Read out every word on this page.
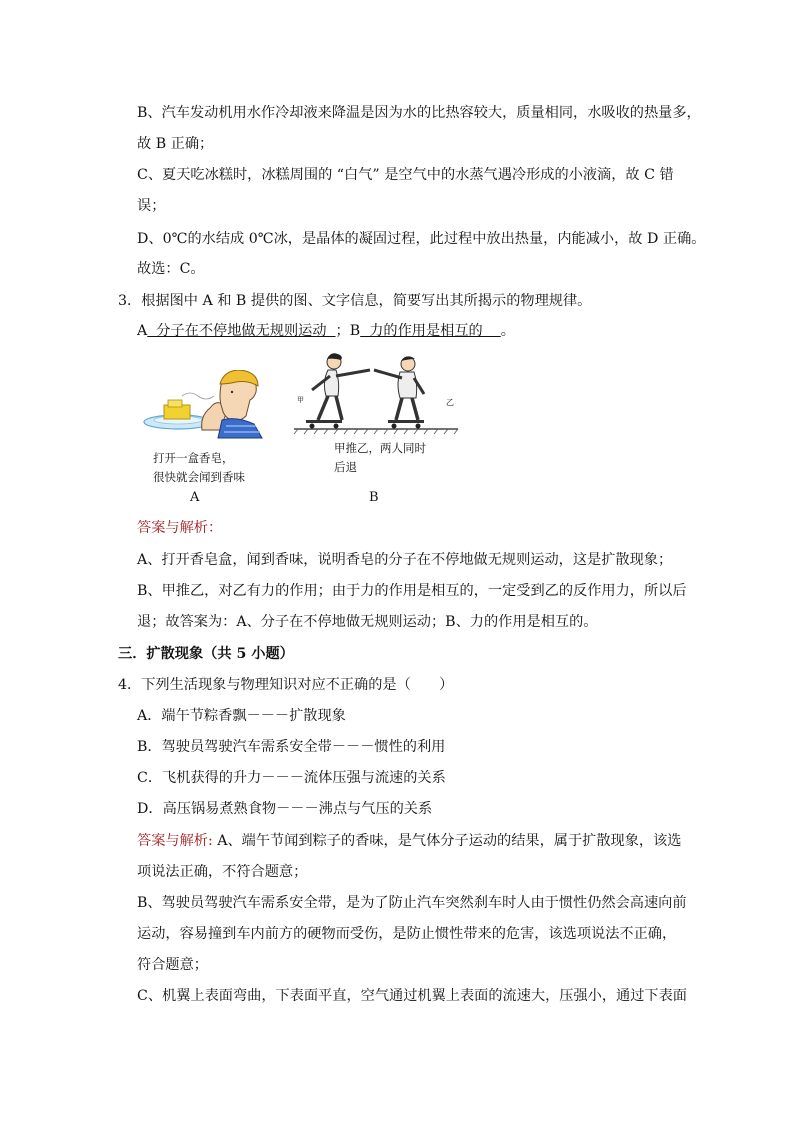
B、汽车发动机用水作冷却液来降温是因为水的比热容较大，质量相同，水吸收的热量多，
故 B 正确；
C、夏天吃冰糕时，冰糕周围的 “白气” 是空气中的水蒸气遇冷形成的小液滴，故 C 错
误；
D、0℃的水结成 0℃冰，是晶体的凝固过程，此过程中放出热量，内能减小，故 D 正确。
故选：C。
3．根据图中 A 和 B 提供的图、文字信息，简要写出其所揭示的物理规律。
A  分子在不停地做无规则运动  ；B  力的作用是相互的    。
打开一盒香皂，
很快就会闻到香味
A
甲	乙
甲推乙，两人同时
后退
B
答案与解析：
A、打开香皂盒，闻到香味，说明香皂的分子在不停地做无规则运动，这是扩散现象；
B、甲推乙，对乙有力的作用；由于力的作用是相互的，一定受到乙的反作用力，所以后
退；故答案为：A、分子在不停地做无规则运动；B、力的作用是相互的。
三．扩散现象（共 5 小题）
4．下列生活现象与物理知识对应不正确的是（　　）
A．端午节粽香飘－－－扩散现象
B．驾驶员驾驶汽车需系安全带－－－惯性的利用
C．飞机获得的升力－－－流体压强与流速的关系
D．高压锅易煮熟食物－－－沸点与气压的关系
答案与解析: A、端午节闻到粽子的香味，是气体分子运动的结果，属于扩散现象，该选
项说法正确，不符合题意；
B、驾驶员驾驶汽车需系安全带，是为了防止汽车突然刹车时人由于惯性仍然会高速向前
运动，容易撞到车内前方的硬物而受伤，是防止惯性带来的危害，该选项说法不正确，
符合题意；
C、机翼上表面弯曲，下表面平直，空气通过机翼上表面的流速大，压强小，通过下表面
